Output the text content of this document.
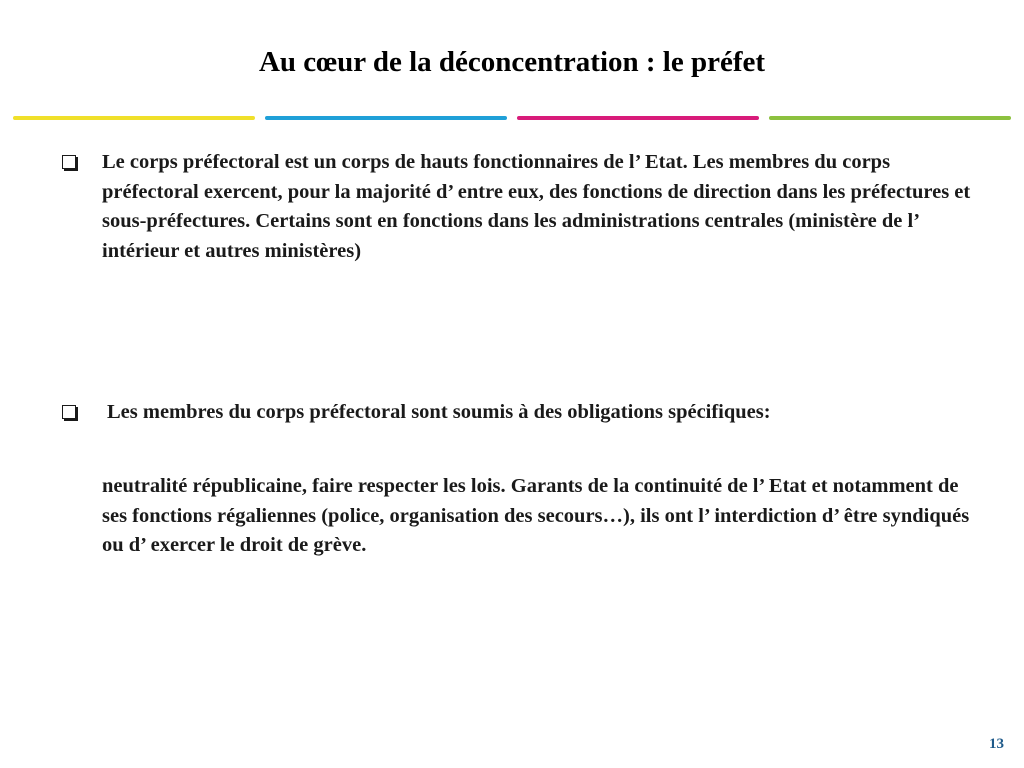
Au cœur de la déconcentration : le préfet
Le corps préfectoral est un corps de hauts fonctionnaires de l’ Etat. Les membres du corps préfectoral exercent, pour la majorité d’ entre eux, des fonctions de direction dans les préfectures et sous-préfectures. Certains sont en fonctions dans les administrations centrales (ministère de l’ intérieur et autres ministères)
Les membres du corps préfectoral sont soumis à des obligations spécifiques:
neutralité républicaine, faire respecter les lois. Garants de la continuité de l’ Etat et notamment de ses fonctions régaliennes (police, organisation des secours…), ils ont l’ interdiction d’ être syndiqués ou d’ exercer le droit de grève.
13
